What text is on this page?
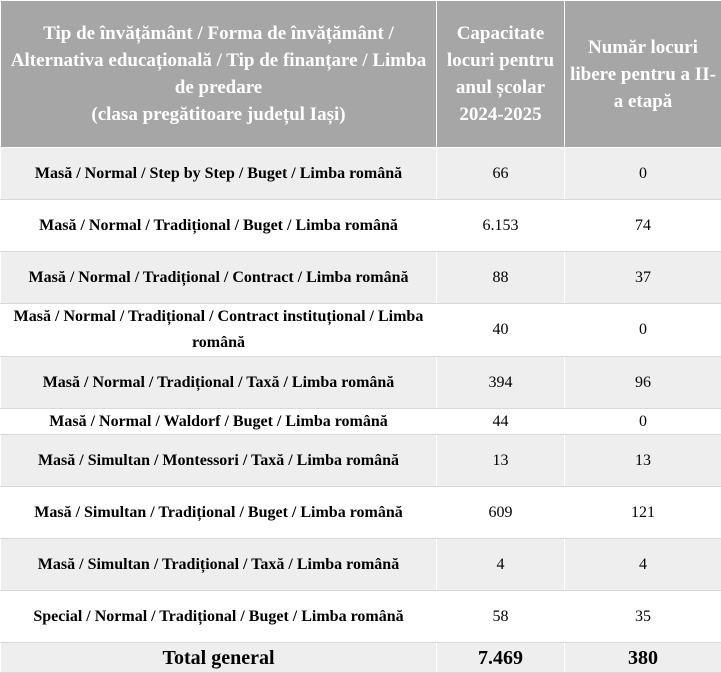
Tip de învățământ / Forma de învățământ / Alternativa educațională / Tip de finanțare / Limba de predare
(clasa pregătitoare județul Iași)	Capacitate locuri pentru anul școlar 2024-2025	Număr locuri libere pentru a II-a etapă
Masă / Normal / Step by Step / Buget / Limba română	66	0
Masă / Normal / Tradițional / Buget / Limba română	6.153	74
Masă / Normal / Tradițional / Contract / Limba română	88	37
Masă / Normal / Tradițional / Contract instituțional / Limba română	40	0
Masă / Normal / Tradițional / Taxă / Limba română	394	96
Masă / Normal / Waldorf / Buget / Limba română	44	0
Masă / Simultan / Montessori / Taxă / Limba română	13	13
Masă / Simultan / Tradițional / Buget / Limba română	609	121
Masă / Simultan / Tradițional / Taxă / Limba română	4	4
Special / Normal / Tradițional / Buget / Limba română	58	35
Total general	7.469	380
